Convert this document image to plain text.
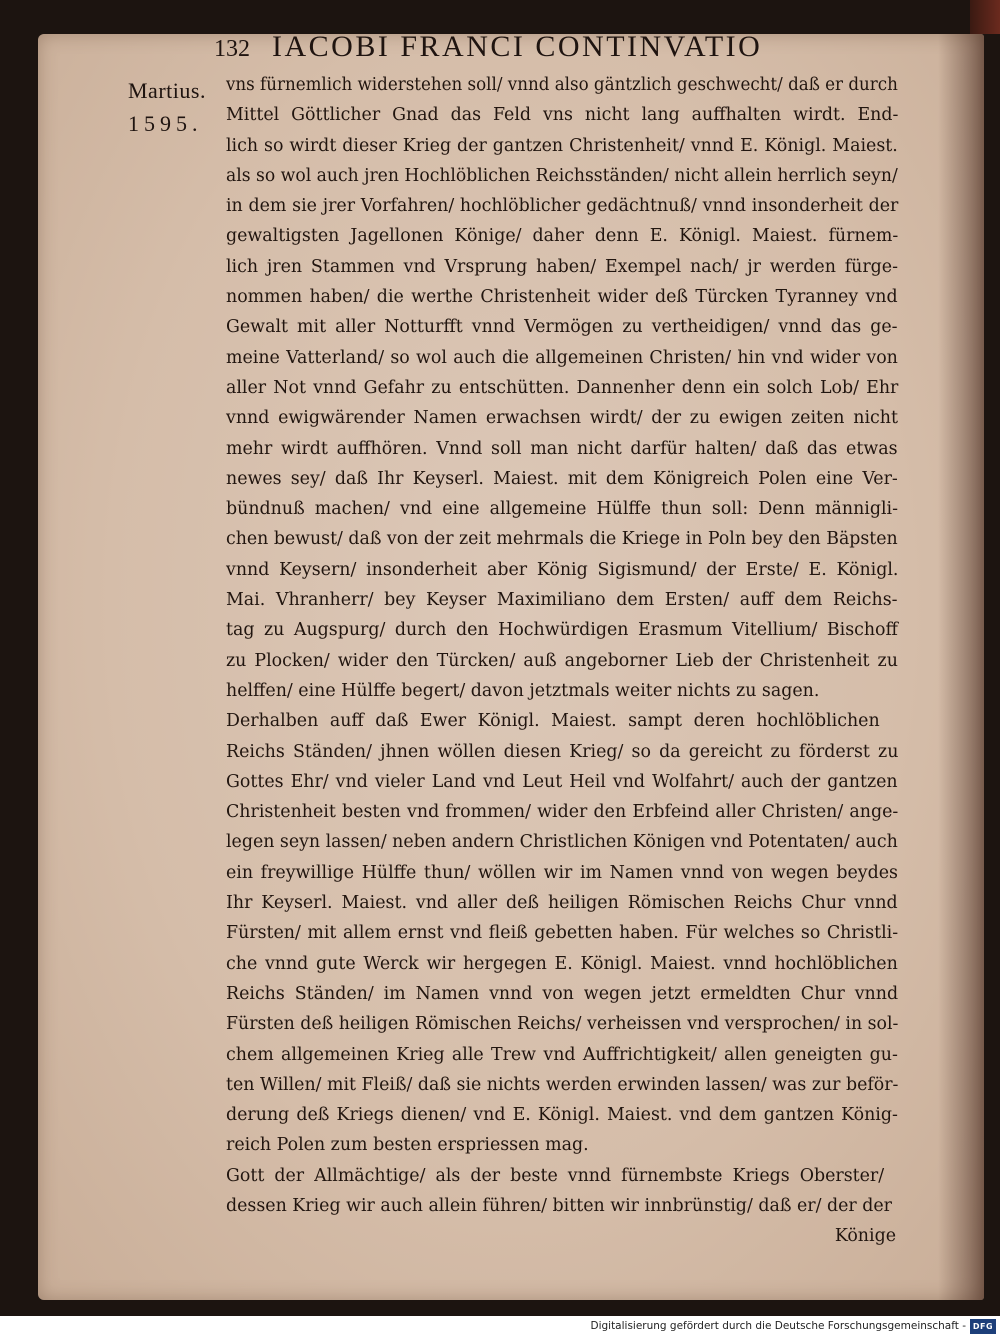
132 IACOBI FRANCI CONTINVATIO
Martius.
1595.
vns fürnemlich widerstehen soll/ vnnd also gäntzlich geschwecht/ daß er durch
Mittel Göttlicher Gnad das Feld vns nicht lang auffhalten wirdt. End-
lich so wirdt dieser Krieg der gantzen Christenheit/ vnnd E. Königl. Maiest.
als so wol auch jren Hochlöblichen Reichsständen/ nicht allein herrlich seyn/
in dem sie jrer Vorfahren/ hochlöblicher gedächtnuß/ vnnd insonderheit der
gewaltigsten Jagellonen Könige/ daher denn E. Königl. Maiest. fürnem-
lich jren Stammen vnd Vrsprung haben/ Exempel nach/ jr werden fürge-
nommen haben/ die werthe Christenheit wider deß Türcken Tyranney vnd
Gewalt mit aller Notturfft vnnd Vermögen zu vertheidigen/ vnnd das ge-
meine Vatterland/ so wol auch die allgemeinen Christen/ hin vnd wider von
aller Not vnnd Gefahr zu entschütten. Dannenher denn ein solch Lob/ Ehr
vnnd ewigwärender Namen erwachsen wirdt/ der zu ewigen zeiten nicht
mehr wirdt auffhören. Vnnd soll man nicht darfür halten/ daß das etwas
newes sey/ daß Ihr Keyserl. Maiest. mit dem Königreich Polen eine Ver-
bündnuß machen/ vnd eine allgemeine Hülffe thun soll: Denn männigli-
chen bewust/ daß von der zeit mehrmals die Kriege in Poln bey den Bäpsten
vnnd Keysern/ insonderheit aber König Sigismund/ der Erste/ E. Königl.
Mai. Vhranherr/ bey Keyser Maximiliano dem Ersten/ auff dem Reichs-
tag zu Augspurg/ durch den Hochwürdigen Erasmum Vitellium/ Bischoff
zu Plocken/ wider den Türcken/ auß angeborner Lieb der Christenheit zu
helffen/ eine Hülffe begert/ davon jetztmals weiter nichts zu sagen.
Derhalben auff daß Ewer Königl. Maiest. sampt deren hochlöblichen
Reichs Ständen/ jhnen wöllen diesen Krieg/ so da gereicht zu förderst zu
Gottes Ehr/ vnd vieler Land vnd Leut Heil vnd Wolfahrt/ auch der gantzen
Christenheit besten vnd frommen/ wider den Erbfeind aller Christen/ ange-
legen seyn lassen/ neben andern Christlichen Königen vnd Potentaten/ auch
ein freywillige Hülffe thun/ wöllen wir im Namen vnnd von wegen beydes
Ihr Keyserl. Maiest. vnd aller deß heiligen Römischen Reichs Chur vnnd
Fürsten/ mit allem ernst vnd fleiß gebetten haben. Für welches so Christli-
che vnnd gute Werck wir hergegen E. Königl. Maiest. vnnd hochlöblichen
Reichs Ständen/ im Namen vnnd von wegen jetzt ermeldten Chur vnnd
Fürsten deß heiligen Römischen Reichs/ verheissen vnd versprochen/ in sol-
chem allgemeinen Krieg alle Trew vnd Auffrichtigkeit/ allen geneigten gu-
ten Willen/ mit Fleiß/ daß sie nichts werden erwinden lassen/ was zur beför-
derung deß Kriegs dienen/ vnd E. Königl. Maiest. vnd dem gantzen König-
reich Polen zum besten erspriessen mag.
Gott der Allmächtige/ als der beste vnnd fürnembste Kriegs Oberster/
dessen Krieg wir auch allein führen/ bitten wir innbrünstig/ daß er/ der der
Könige
Digitalisierung gefördert durch die Deutsche Forschungsgemeinschaft - DFG
